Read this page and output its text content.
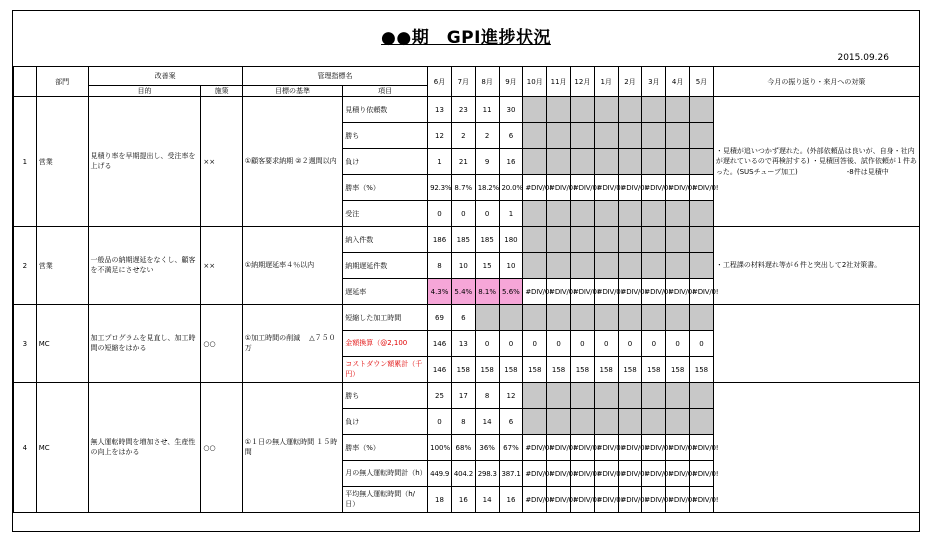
●●期　GPI進捗状況
2015.09.26
	部門	改善案		管理指標名		6月	7月	8月	9月	10月	11月	12月	1月	2月	3月	4月	5月	今月の振り返り・来月への対策
		目的	施策	目標の基準	項目													
1	営業	見積り率を早期提出し、受注率を上げる	××	①顧客要求納期 ②２週間以内	見積り依頼数	13	23	11	30									・見積が追いつかず遅れた。(外部依頼品は良いが、自身・社内が遅れているので再検討する) ・見積回答後、試作依頼が１件あった。(SUSチューブ加工)　　　　　　　-8件は見積中
					勝ち	12	2	2	6									
					負け	1	21	9	16									
					勝率（%）	92.3%	8.7%	18.2%	20.0%	#DIV/0!	#DIV/0!	#DIV/0!	#DIV/0!	#DIV/0!	#DIV/0!	#DIV/0!	#DIV/0!	
					受注	0	0	0	1									
2	営業	一般品の納期遅延をなくし、顧客を不満足にさせない	××	①納期遅延率４％以内	納入件数	186	185	185	180									・工程課の材料遅れ等が６件と突出して2社対策書。
					納期遅延件数	8	10	15	10									
					遅延率	4.3%	5.4%	8.1%	5.6%	#DIV/0!	#DIV/0!	#DIV/0!	#DIV/0!	#DIV/0!	#DIV/0!	#DIV/0!	#DIV/0!	
3	MC	加工プログラムを見直し、加工時間の短縮をはかる	○○	①加工時間の削減 　△７５０万	短縮した加工時間	69	6											
					金額換算（@2,100	146	13	0	0	0	0	0	0	0	0	0	0	
					コストダウン額累計（千円）	146	158	158	158	158	158	158	158	158	158	158	158	
4	MC	無人運転時間を増加させ、生産性の向上をはかる	○○	①１日の無人運転時間 １５時間	勝ち	25	17	8	12									
					負け	0	8	14	6									
					勝率（%）	100%	68%	36%	67%	#DIV/0!	#DIV/0!	#DIV/0!	#DIV/0!	#DIV/0!	#DIV/0!	#DIV/0!	#DIV/0!	
					月の無人運転時間計（h）	449.9	404.2	298.3	387.1	#DIV/0!	#DIV/0!	#DIV/0!	#DIV/0!	#DIV/0!	#DIV/0!	#DIV/0!	#DIV/0!	
					平均無人運転時間（h/日）	18	16	14	16	#DIV/0!	#DIV/0!	#DIV/0!	#DIV/0!	#DIV/0!	#DIV/0!	#DIV/0!	#DIV/0!	
